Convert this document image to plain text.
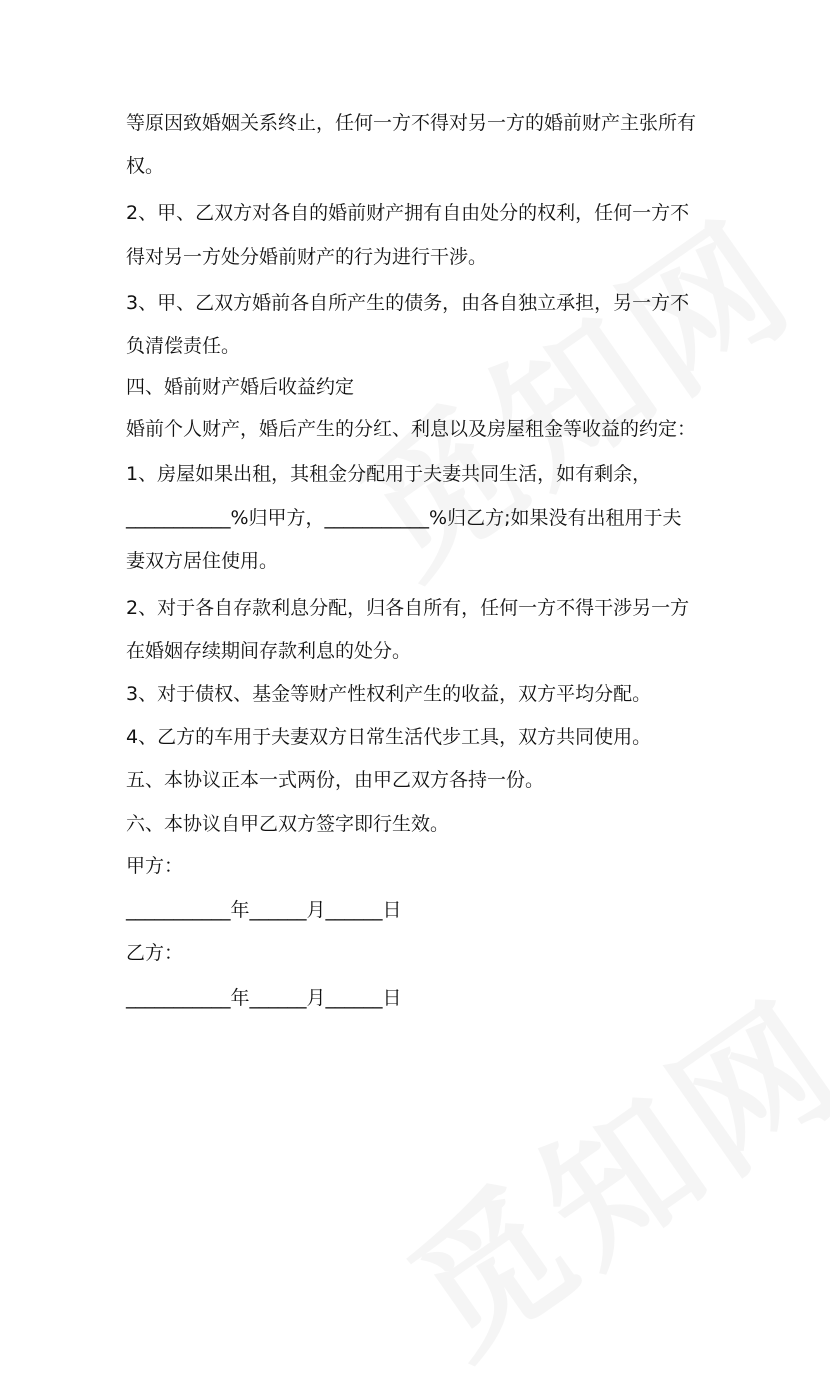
等原因致婚姻关系终止，任何一方不得对另一方的婚前财产主张所有
权。
2、甲、乙双方对各自的婚前财产拥有自由处分的权利，任何一方不
得对另一方处分婚前财产的行为进行干涉。
3、甲、乙双方婚前各自所产生的债务，由各自独立承担，另一方不
负清偿责任。
四、婚前财产婚后收益约定
婚前个人财产，婚后产生的分红、利息以及房屋租金等收益的约定：
1、房屋如果出租，其租金分配用于夫妻共同生活，如有剩余，
___________%归甲方，___________%归乙方;如果没有出租用于夫
妻双方居住使用。
2、对于各自存款利息分配，归各自所有，任何一方不得干涉另一方
在婚姻存续期间存款利息的处分。
3、对于债权、基金等财产性权利产生的收益，双方平均分配。
4、乙方的车用于夫妻双方日常生活代步工具，双方共同使用。
五、本协议正本一式两份，由甲乙双方各持一份。
六、本协议自甲乙双方签字即行生效。
甲方：
___________年______月______日
乙方：
___________年______月______日
